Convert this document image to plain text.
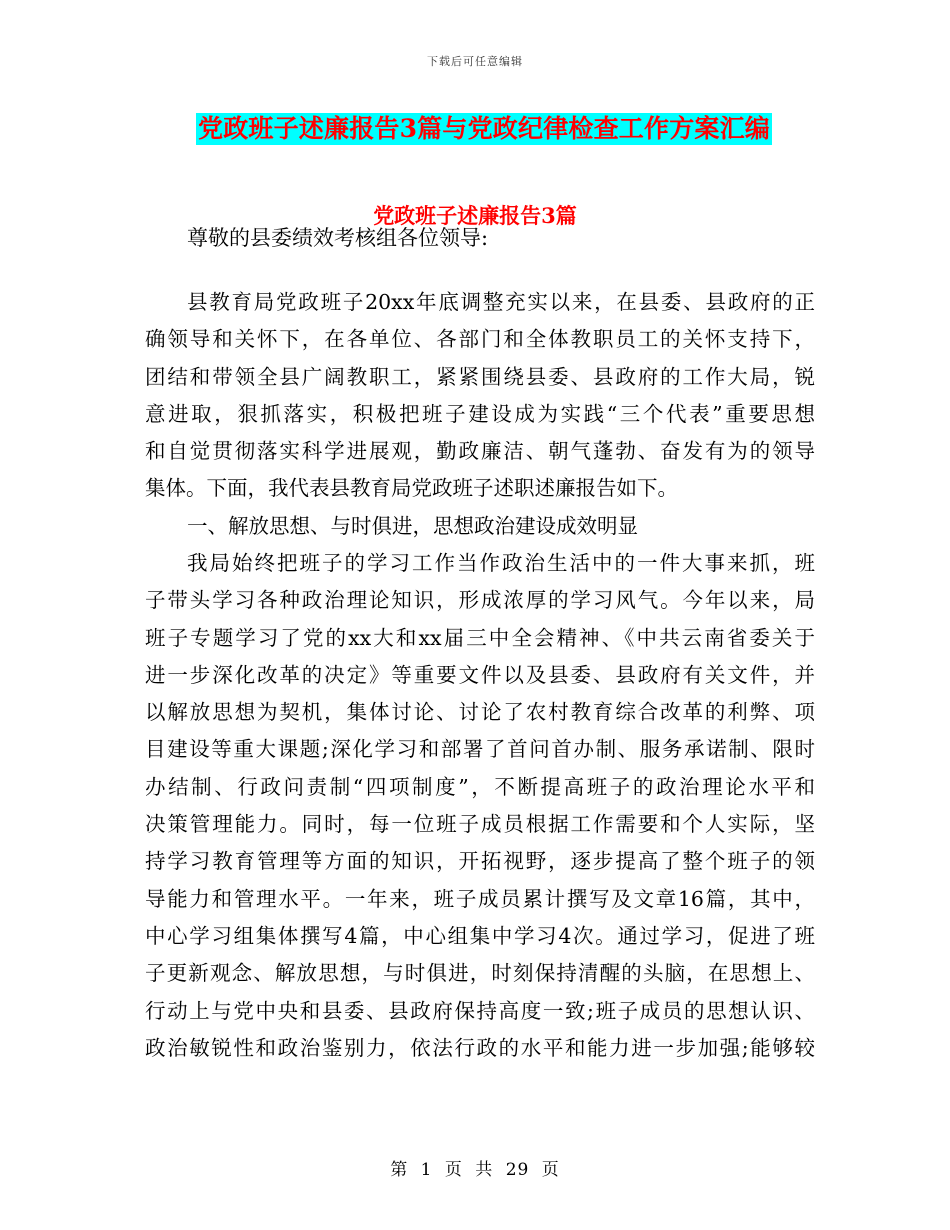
下载后可任意编辑
党政班子述廉报告3篇与党政纪律检查工作方案汇编
党政班子述廉报告3篇
尊敬的县委绩效考核组各位领导:
县教育局党政班子20xx年底调整充实以来，在县委、县政府的正
确领导和关怀下，在各单位、各部门和全体教职员工的关怀支持下，
团结和带领全县广阔教职工，紧紧围绕县委、县政府的工作大局，锐
意进取，狠抓落实，积极把班子建设成为实践“三个代表”重要思想
和自觉贯彻落实科学进展观，勤政廉洁、朝气蓬勃、奋发有为的领导
集体。下面，我代表县教育局党政班子述职述廉报告如下。
一、解放思想、与时俱进，思想政治建设成效明显
我局始终把班子的学习工作当作政治生活中的一件大事来抓，班
子带头学习各种政治理论知识，形成浓厚的学习风气。今年以来，局
班子专题学习了党的xx大和xx届三中全会精神、《中共云南省委关于
进一步深化改革的决定》等重要文件以及县委、县政府有关文件，并
以解放思想为契机，集体讨论、讨论了农村教育综合改革的利弊、项
目建设等重大课题;深化学习和部署了首问首办制、服务承诺制、限时
办结制、行政问责制“四项制度”，不断提高班子的政治理论水平和
决策管理能力。同时，每一位班子成员根据工作需要和个人实际，坚
持学习教育管理等方面的知识，开拓视野，逐步提高了整个班子的领
导能力和管理水平。一年来，班子成员累计撰写及文章16篇，其中，
中心学习组集体撰写4篇，中心组集中学习4次。通过学习，促进了班
子更新观念、解放思想，与时俱进，时刻保持清醒的头脑，在思想上、
行动上与党中央和县委、县政府保持高度一致;班子成员的思想认识、
政治敏锐性和政治鉴别力，依法行政的水平和能力进一步加强;能够较
第 1 页 共 29 页
